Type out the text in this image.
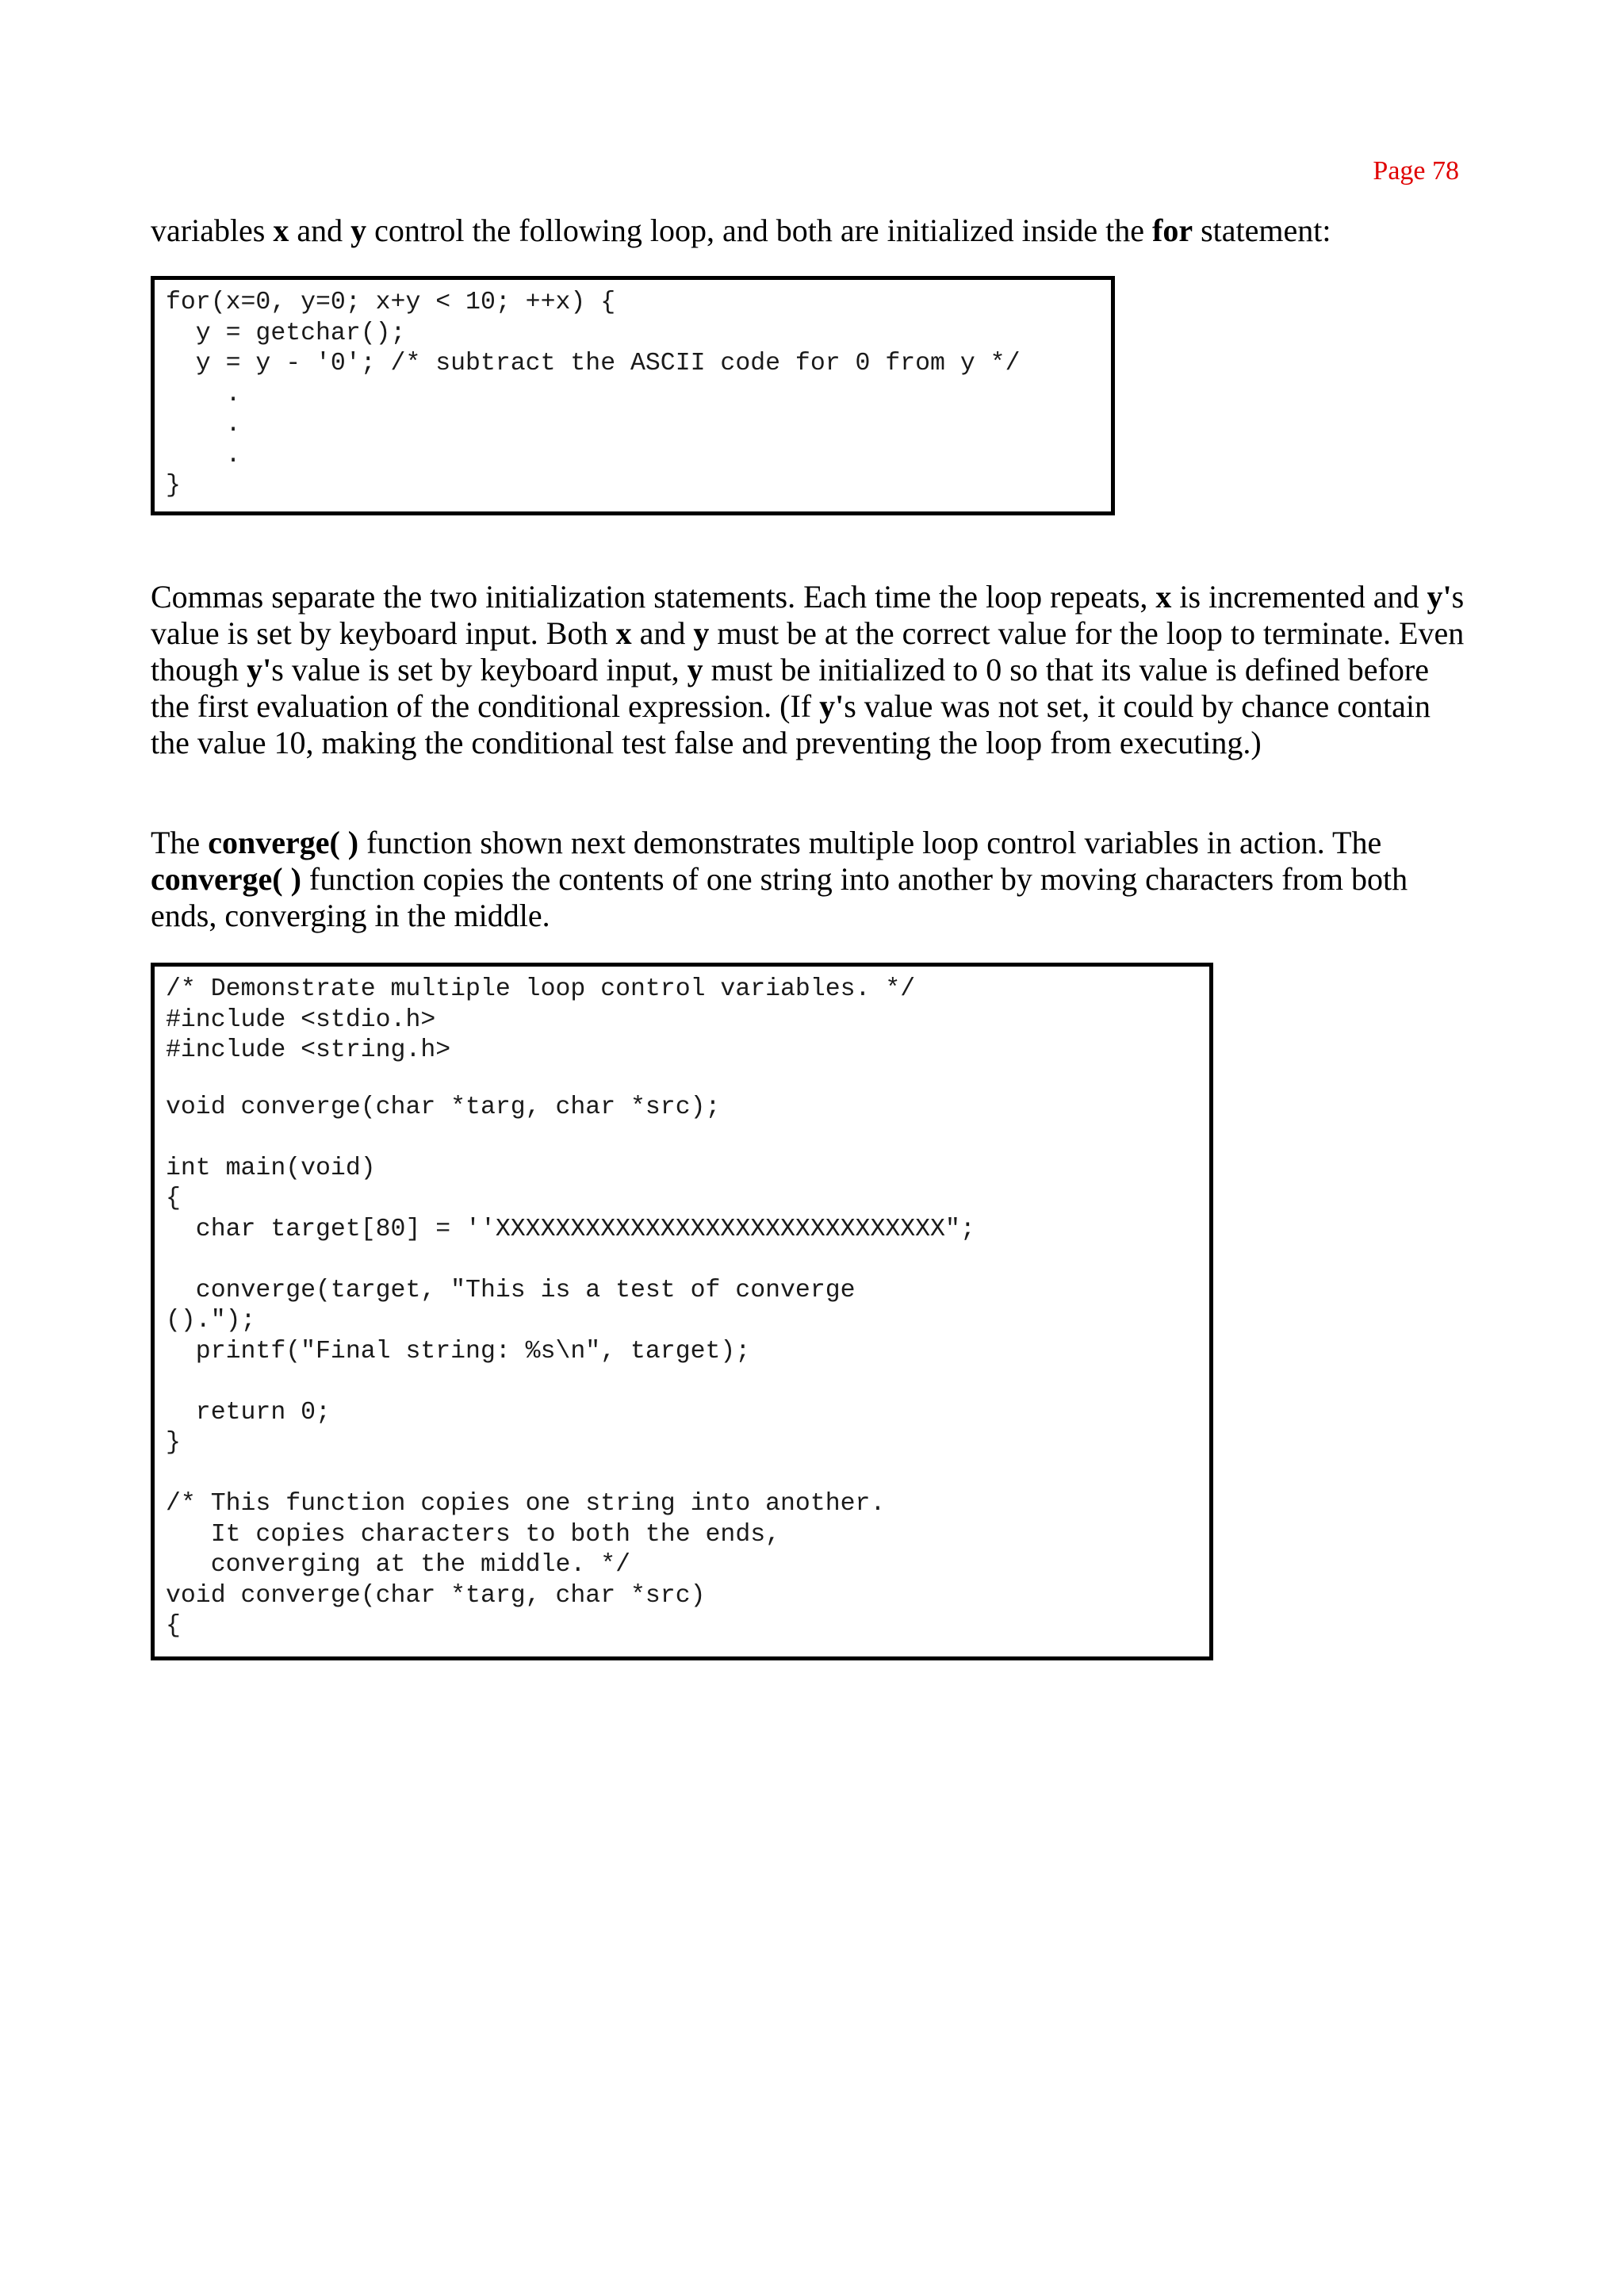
Page 78

variables x and y control the following loop, and both are initialized inside the for statement:

for(x=0, y=0; x+y < 10; ++x) {
y = getchar();
y = y - '0'; /* subtract the ASCII code for 0 from y */
.
.
.
}

Commas separate the two initialization statements. Each time the loop repeats, x is incremented and y's value is set by keyboard input. Both x and y must be at the correct value for the loop to terminate. Even though y's value is set by keyboard input, y must be initialized to 0 so that its value is defined before the first evaluation of the conditional expression. (If y's value was not set, it could by chance contain the value 10, making the conditional test false and preventing the loop from executing.)

The converge( ) function shown next demonstrates multiple loop control variables in action. The converge( ) function copies the contents of one string into another by moving characters from both ends, converging in the middle.

/* Demonstrate multiple loop control variables. */
#include <stdio.h>
#include <string.h>
void converge(char *targ, char *src);
int main(void)
{
char target[80] = ''XXXXXXXXXXXXXXXXXXXXXXXXXXXXXX";
converge(target, "This is a test of converge
().");
printf("Final string: %s\n", target);
return 0;
}
/* This function copies one string into another.
It copies characters to both the ends,
converging at the middle. */
void converge(char *targ, char *src)
{
